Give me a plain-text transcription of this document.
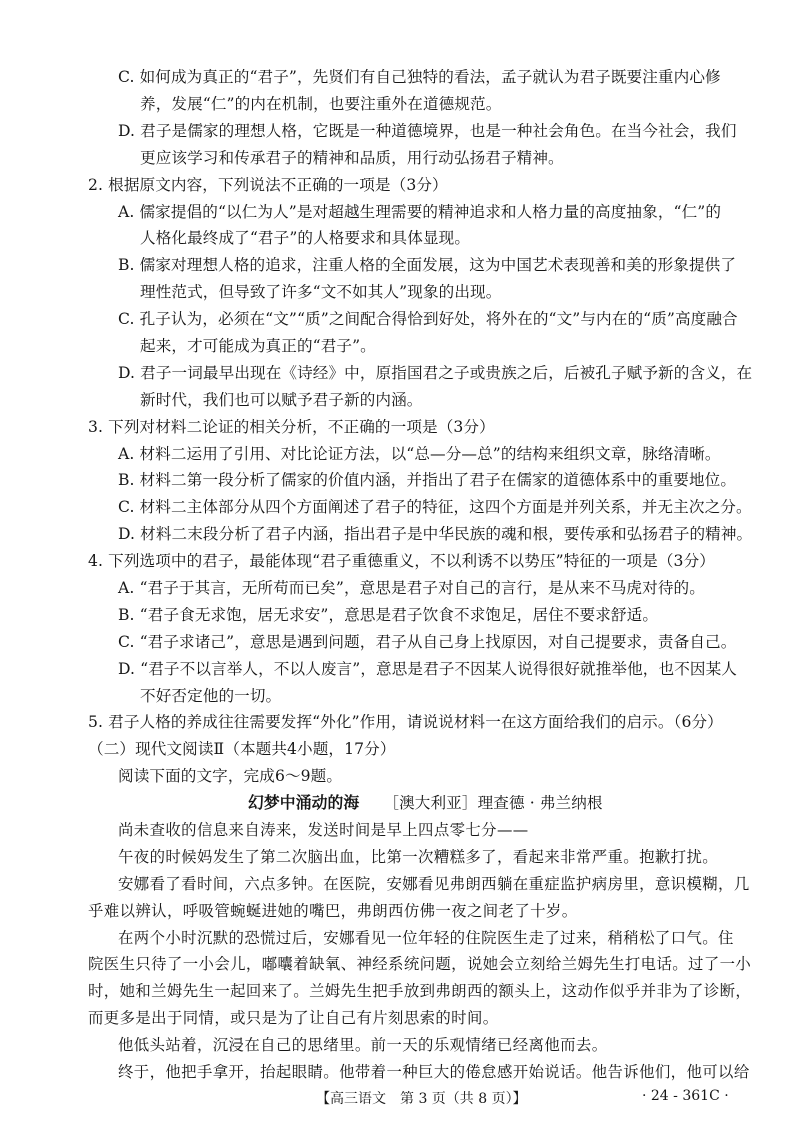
C. 如何成为真正的“君子”，先贤们有自己独特的看法，孟子就认为君子既要注重内心修
养，发展“仁”的内在机制，也要注重外在道德规范。
D. 君子是儒家的理想人格，它既是一种道德境界，也是一种社会角色。在当今社会，我们
更应该学习和传承君子的精神和品质，用行动弘扬君子精神。
2. 根据原文内容，下列说法不正确的一项是（3分）
A. 儒家提倡的“以仁为人”是对超越生理需要的精神追求和人格力量的高度抽象，“仁”的
人格化最终成了“君子”的人格要求和具体显现。
B. 儒家对理想人格的追求，注重人格的全面发展，这为中国艺术表现善和美的形象提供了
理性范式，但导致了许多“文不如其人”现象的出现。
C. 孔子认为，必须在“文”“质”之间配合得恰到好处，将外在的“文”与内在的“质”高度融合
起来，才可能成为真正的“君子”。
D. 君子一词最早出现在《诗经》中，原指国君之子或贵族之后，后被孔子赋予新的含义，在
新时代，我们也可以赋予君子新的内涵。
3. 下列对材料二论证的相关分析，不正确的一项是（3分）
A. 材料二运用了引用、对比论证方法，以“总—分—总”的结构来组织文章，脉络清晰。
B. 材料二第一段分析了儒家的价值内涵，并指出了君子在儒家的道德体系中的重要地位。
C. 材料二主体部分从四个方面阐述了君子的特征，这四个方面是并列关系，并无主次之分。
D. 材料二末段分析了君子内涵，指出君子是中华民族的魂和根，要传承和弘扬君子的精神。
4. 下列选项中的君子，最能体现“君子重德重义，不以利诱不以势压”特征的一项是（3分）
A. “君子于其言，无所苟而已矣”，意思是君子对自己的言行，是从来不马虎对待的。
B. “君子食无求饱，居无求安”，意思是君子饮食不求饱足，居住不要求舒适。
C. “君子求诸己”，意思是遇到问题，君子从自己身上找原因，对自己提要求，责备自己。
D. “君子不以言举人，不以人废言”，意思是君子不因某人说得很好就推举他，也不因某人
不好否定他的一切。
5. 君子人格的养成往往需要发挥“外化”作用，请说说材料一在这方面给我们的启示。（6分）
（二）现代文阅读Ⅱ（本题共4小题，17分）
阅读下面的文字，完成6～9题。
幻梦中涌动的海 ［澳大利亚］理查德 · 弗兰纳根
尚未查收的信息来自涛来，发送时间是早上四点零七分——
午夜的时候妈发生了第二次脑出血，比第一次糟糕多了，看起来非常严重。抱歉打扰。
安娜看了看时间，六点多钟。在医院，安娜看见弗朗西躺在重症监护病房里，意识模糊，几
乎难以辨认，呼吸管蜿蜒进她的嘴巴，弗朗西仿佛一夜之间老了十岁。
在两个小时沉默的恐慌过后，安娜看见一位年轻的住院医生走了过来，稍稍松了口气。住
院医生只待了一小会儿，嘟囔着缺氧、神经系统问题，说她会立刻给兰姆先生打电话。过了一小
时，她和兰姆先生一起回来了。兰姆先生把手放到弗朗西的额头上，这动作似乎并非为了诊断，
而更多是出于同情，或只是为了让自己有片刻思索的时间。
他低头站着，沉浸在自己的思绪里。前一天的乐观情绪已经离他而去。
终于，他把手拿开，抬起眼睛。他带着一种巨大的倦怠感开始说话。他告诉他们，他可以给
【高三语文　第 3 页（共 8 页）】	· 24 - 361C ·
